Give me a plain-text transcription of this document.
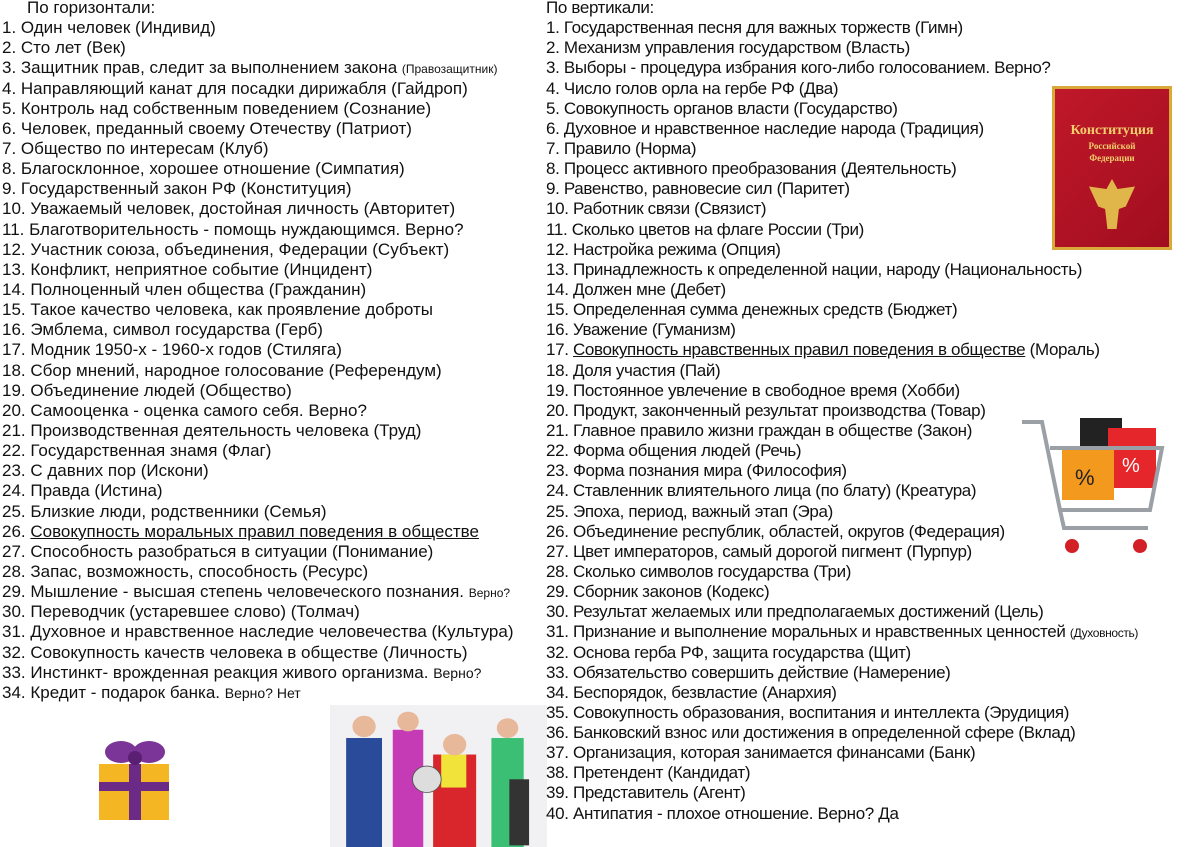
По горизонтали:
1. Один человек (Индивид)
2. Сто лет (Век)
3. Защитник прав, следит за выполнением закона (Правозащитник)
4. Направляющий канат для посадки дирижабля (Гайдроп)
5. Контроль над собственным поведением (Сознание)
6. Человек, преданный своему Отечеству (Патриот)
7. Общество по интересам (Клуб)
8. Благосклонное, хорошее отношение (Симпатия)
9. Государственный закон РФ (Конституция)
10. Уважаемый человек, достойная личность (Авторитет)
11. Благотворительность - помощь нуждающимся. Верно?
12. Участник союза, объединения, Федерации (Субъект)
13. Конфликт, неприятное событие (Инцидент)
14. Полноценный член общества (Гражданин)
15. Такое качество человека, как проявление доброты
16. Эмблема, символ государства (Герб)
17. Модник 1950-х - 1960-х годов (Стиляга)
18. Сбор мнений, народное голосование (Референдум)
19. Объединение людей (Общество)
20. Самооценка - оценка самого себя. Верно?
21. Производственная деятельность человека (Труд)
22. Государственная знамя (Флаг)
23. С давних пор (Искони)
24. Правда (Истина)
25. Близкие люди, родственники (Семья)
26. Совокупность моральных правил поведения в обществе
27. Способность разобраться в ситуации (Понимание)
28. Запас, возможность, способность (Ресурс)
29. Мышление - высшая степень человеческого познания. Верно?
30. Переводчик (устаревшее слово) (Толмач)
31. Духовное и нравственное наследие человечества (Культура)
32. Совокупность качеств человека в обществе (Личность)
33. Инстинкт- врожденная реакция живого организма. Верно?
34. Кредит - подарок банка. Верно? Нет
По вертикали:
1. Государственная песня для важных торжеств (Гимн)
2. Механизм управления государством (Власть)
3. Выборы - процедура избрания кого-либо голосованием. Верно?
4. Число голов орла на гербе РФ (Два)
5. Совокупность органов власти (Государство)
6. Духовное и нравственное наследие народа (Традиция)
7. Правило (Норма)
8. Процесс активного преобразования (Деятельность)
9. Равенство, равновесие сил (Паритет)
10. Работник связи (Связист)
11. Сколько цветов на флаге России (Три)
12. Настройка режима (Опция)
13. Принадлежность к определенной нации, народу (Национальность)
14. Должен мне (Дебет)
15. Определенная сумма денежных средств (Бюджет)
16. Уважение (Гуманизм)
17. Совокупность нравственных правил поведения в обществе (Мораль)
18. Доля участия (Пай)
19. Постоянное увлечение в свободное время (Хобби)
20. Продукт, законченный результат производства (Товар)
21. Главное правило жизни граждан в обществе (Закон)
22. Форма общения людей (Речь)
23. Форма познания мира (Философия)
24. Ставленник влиятельного лица (по блату) (Креатура)
25. Эпоха, период, важный этап (Эра)
26. Объединение республик, областей, округов (Федерация)
27. Цвет императоров, самый дорогой пигмент (Пурпур)
28. Сколько символов государства (Три)
29. Сборник законов (Кодекс)
30. Результат желаемых или предполагаемых достижений (Цель)
31. Признание и выполнение моральных и нравственных ценностей (Духовность)
32. Основа герба РФ, защита государства (Щит)
33. Обязательство совершить действие (Намерение)
34. Беспорядок, безвластие (Анархия)
35. Совокупность образования, воспитания и интеллекта (Эрудиция)
36. Банковский взнос или достижения в определенной сфере (Вклад)
37. Организация, которая занимается финансами (Банк)
38. Претендент (Кандидат)
39. Представитель (Агент)
40. Антипатия - плохое отношение. Верно? Да
Конституция
Российской
Федерации
% %
